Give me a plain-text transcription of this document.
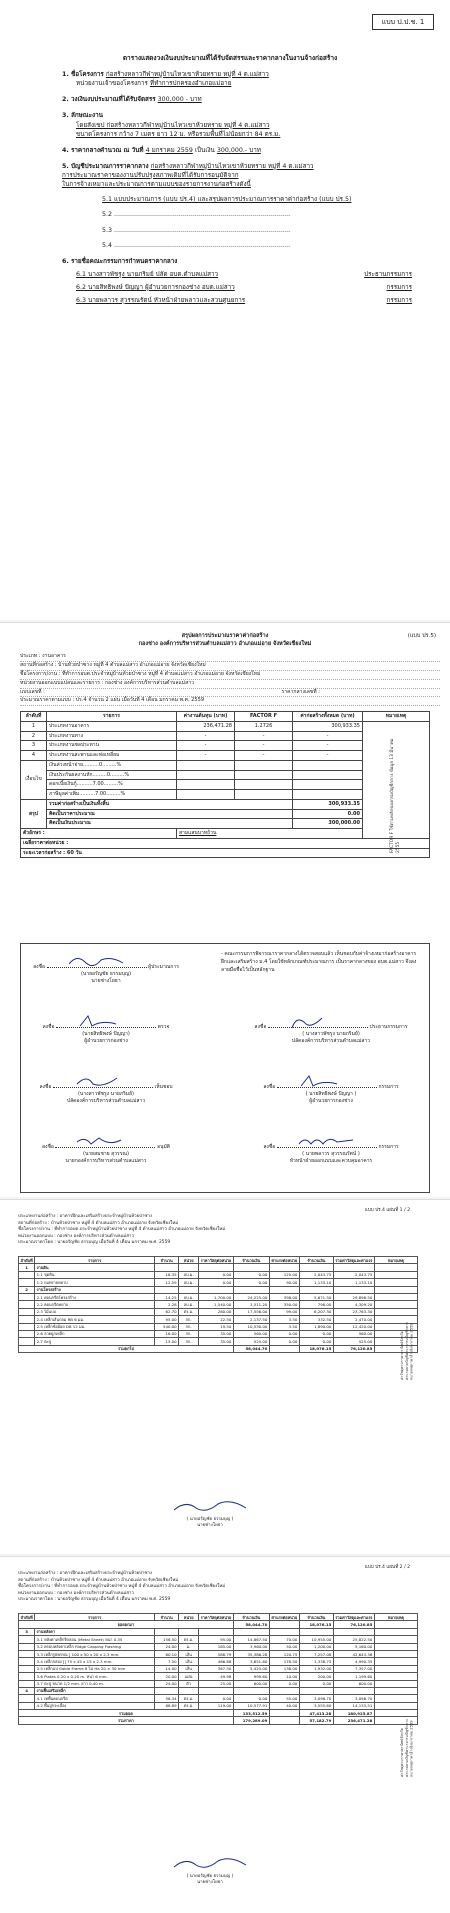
แบบ ป.ป.ช. 1
ตารางแสดงวงเงินงบประมาณที่ได้รับจัดสรรและราคากลางในงานจ้างก่อสร้าง
1. ชื่อโครงการ ก่อสร้างหลาวกีฬาหมู่บ้านไหวเขาห้วยทราย หมู่ที่ 4 ต.แม่สาว
หน่วยงานเจ้าของโครงการ ที่ทำการปกครองอำเภอแม่อาย
2. วงเงินงบประมาณที่ได้รับจัดสรร 300,000 - บาท
3. ลักษณะงาน
โดยสังเขป ก่อสร้างหลาวกีฬาหมู่บ้านไหวเขาห้วยทราย หมู่ที่ 4 ต.แม่สาว
ขนาดโครงการ กว้าง 7 เมตร ยาว 12 ม. หรือรวมพื้นที่ไม่น้อยกว่า 84 ตร.ม.
4. ราคากลางคำนวณ ณ วันที่ 4 มกราคม 2559 เป็นเงิน 300,000.- บาท
5. บัญชีประมาณการราคากลาง ก่อสร้างหลาวกีฬาหมู่บ้านไหวเขาห้วยทราย หมู่ที่ 4 ต.แม่สาว
การประมาณราคาของงานปรับปรุงสภาพเดิมที่ได้รับการอนุมัติจาก
ในการจ้างเหมาและประมาณการตามแบบของรายการงานก่อสร้างดังนี้
5.1 แบบประมาณการ (แบบ ปร.4) และสรุปผลการประมาณการราคาค่าก่อสร้าง (แบบ ปร.5)
5.2 ........................................................................................
5.3 ........................................................................................
5.4 ........................................................................................
6. รายชื่อคณะกรรมการกำหนดราคากลาง
6.1 นางสาวพัชรูง นายภริมย์ ปลัด อบต.ตำบลแม่สาว	ประธานกรรมการ
6.2 นายสิทธิพงษ์ ปัญญา ผู้อำนวยการกองช่าง อบต.แม่สาว	กรรมการ
6.3 นายพลาวร สุวรรณรัตน์ หัวหน้าฝ่ายพลาวและสวนศูนยการ	กรรมการ
สรุปผลการประมาณราคาค่าก่อสร้าง
กองช่าง องค์การบริหารส่วนตำบลแม่สาว อำเภอแม่อาย จังหวัดเชียงใหม่
(แบบ ปร.5)
ประเภท : งานอาคาร
สถานที่ก่อสร้าง : บ้านห้วยป่าซาง หมู่ที่ 4 ตำบลแม่สาว อำเภอแม่อาย จังหวัดเชียงใหม่
ชื่อโครงการ/งาน : ที่ทำการอบต.ประจำหมู่บ้านห้วยป่าซาง หมู่ที่ 4 ตำบลแม่สาว อำเภอแม่อาย จังหวัดเชียงใหม่
หน่วยงานออกแบบแปลนและรายการ : กองช่าง องค์การบริหารส่วนตำบลแม่สาว
แบบเลขที่ :	ราคากลางเลขที่ :
ประมาณราคาตามแบบ : ปร.4 จำนวน 2 แผ่น เมื่อวันที่ 4 เดือน มกราคม พ.ศ. 2559
ลำดับที่	รายการ	ค่างานต้นทุน (บาท)	FACTOR F	ค่าก่อสร้างทั้งหมด (บาท)	หมายเหตุ
1	ประเภทงานอาคาร	236,471.28	1.2726	300,933.35	
2	ประเภทงานทาง	-	-	-	
3	ประเภทงานชลประทาน	-	-	-	
4	ประเภทงานสะพานและท่อเหลี่ยม	-	-	-	
เงื่อนไข	เงินล่วงหน้าจ่าย..........0.........%				
	เงินประกันผลงานหัก.........0.........%				
	ดอกเบี้ยเงินกู้..........7.00.........%				
	ภาษีมูลค่าเพิ่ม..........7.00.........%				
สรุป	รวมค่าก่อสร้างเป็นเงินทั้งสิ้น			300,933.35	
	คิดเป็นราคาประมาณ			0.00	
	คิดเป็นเงินประมาณ			300,000.00	
ตัวอักษร :		สามแสนบาทถ้วน			
เฉลี่ยราคาต่อหน่วย :					
ระยะเวลาก่อสร้าง : 60 วัน						FACTOR F ใช้ตามหลักของกรมบัญชีกลาง ข้อมูล 13 มีนาคม 2555
- คณะกรรมการพิจารณาราคากลางได้ตรวจสอบแล้ว เห็นชอบกับค่าจ้างเหมาก่อสร้างอาคารฝึกและเสริมสร้าง ม.4 โดยใช้หลักเกณฑ์ประมาณการ เป็นราคากลางของ อบต.แม่สาว จึงลงลายมือชื่อไว้เป็นหลักฐาน
ลงชื่อ	ผู้ประมาณการ
(นายอรัญชัย ธรรมบุญ)
นายช่างโยธา
ลงชื่อ	ตรวจ
(นายสิทธิพงษ์ ปัญญา)
ผู้อำนวยการกองช่าง
ลงชื่อ	เห็นชอบ
(นางสาวพัชรูง นายภริมย์)
ปลัดองค์การบริหารส่วนตำบลแม่สาว
ลงชื่อ	อนุมัติ
(นายสมชาย สุวรรณ)
นายกองค์การบริหารส่วนตำบลแม่สาว
ลงชื่อ	ประธานกรรมการ
( นางสาวพัชรูง นายภริมย์)
ปลัดองค์การบริหารส่วนตำบลแม่สาว
ลงชื่อ	กรรมการ
( นายสิทธิพงษ์ ปัญญา )
ผู้อำนวยการกองช่าง
ลงชื่อ	กรรมการ
( นายพลาวร สุวรรณรัตน์ )
หัวหน้าฝ่ายออกแบบและควบคุมอาคาร
แบบ ปร.4 แผ่นที่ 1 / 2
ประเภทงานก่อสร้าง : อาคารฝึกและเสริมสร้างประจำหมู่บ้านห้วยป่าซาง
สถานที่ก่อสร้าง : บ้านห้วยป่าซาง หมู่ที่ 4 ตำบลแม่สาว อำเภอแม่อาย จังหวัดเชียงใหม่
ชื่อโครงการ/งาน : ที่ทำการอบต.ประจำหมู่บ้านห้วยป่าซาง หมู่ที่ 4 ตำบลแม่สาว อำเภอแม่อาย จังหวัดเชียงใหม่
หน่วยงานออกแบบ : กองช่าง องค์การบริหารส่วนตำบลแม่สาว
ประมาณราคาโดย : นายอรัญชัย ธรรมบุญ เมื่อวันที่ 4 เดือน มกราคม พ.ศ. 2559
ลำดับที่	รายการ	จำนวน	หน่วย	ราคาวัสดุต่อหน่วย	จำนวนเงิน	ค่าแรงต่อหน่วย	จำนวนเงิน	รวมค่าวัสดุและค่าแรง	หมายเหตุ
1	งานดิน								
	1.1 ขุดดิน	16.35	ลบ.ม.	0.00	0.00	125.00	2,043.75	2,043.75	
	1.2 ถมทรายหยาบ	12.59	ลบ.ม.	0.00	0.00	90.00	1,133.10	1,133.10	
2	งานโครงสร้าง								
	2.1 คอนกรีตโครงสร้าง	14.25	ลบ.ม.	1,700.00	24,225.00	398.00	5,671.50	29,896.50	
	2.2 คอนกรีตหยาบ	2.28	ลบ.ม.	1,540.00	3,511.20	350.00	798.00	4,309.20	
	2.3 ไม้แบบ	62.70	ตร.ม.	280.00	17,556.00	99.00	6,207.30	23,763.30	
	2.4 เหล็กเส้นกลม RB 6 มม.	95.00	กก.	22.50	2,137.50	3.50	332.50	2,470.00	
	2.5 เหล็กข้ออ้อย DB 12 มม.	540.00	กก.	19.50	10,530.00	3.50	1,890.00	12,420.00	
	2.6 ลวดผูกเหล็ก	16.00	กก.	35.00	560.00	0.00	0.00	560.00	
	2.7 ตะปู	15.00	กก.	35.00	525.00	0.00	0.00	525.00	
รวมยกไป					58,044.70		18,076.15	76,120.85		ค่าวัสดุตามราคาพาณิชย์จังหวัด ค่าแรงตามบัญชีค่าแรงกรมบัญชีกลาง หมายเหตุราคาอ้างอิงมกราคม 2559
( นายอรัญชัย ธรรมบุญ )
นายช่างโยธา
แบบ ปร.4 แผ่นที่ 2 / 2
ประเภทงานก่อสร้าง : อาคารฝึกและเสริมสร้างประจำหมู่บ้านห้วยป่าซาง
สถานที่ก่อสร้าง : บ้านห้วยป่าซาง หมู่ที่ 4 ตำบลแม่สาว อำเภอแม่อาย จังหวัดเชียงใหม่
ชื่อโครงการ/งาน : ที่ทำการอบต.ประจำหมู่บ้านห้วยป่าซาง หมู่ที่ 4 ตำบลแม่สาว อำเภอแม่อาย จังหวัดเชียงใหม่
หน่วยงานออกแบบ : กองช่าง องค์การบริหารส่วนตำบลแม่สาว
ประมาณราคาโดย : นายอรัญชัย ธรรมบุญ เมื่อวันที่ 4 เดือน มกราคม พ.ศ. 2559
ลำดับที่	รายการ	จำนวน	หน่วย	ราคาวัสดุต่อหน่วย	จำนวนเงิน	ค่าแรงต่อหน่วย	จำนวนเงิน	รวมค่าวัสดุและค่าแรง	หมายเหตุ
ยอดยกมา					58,044.70		18,076.15	76,120.85	
3	งานหลังคา								
	3.1 หลังคาเหล็กรีดลอน (Metal Sheet) หนา 0.35	156.50	ตร.ม.	95.00	14,867.50	70.00	10,955.00	25,822.50	
	3.2 ครอบหลังคาเหล็ก Ridge Capping Flashing	24.00	ม.	165.00	3,960.00	50.00	1,200.00	5,160.00	
	3.3 เหล็กรูปพรรณ [ 100 x 50 x 20 x 2.3 mm.	60.10	เส้น	588.79	35,386.28	120.75	7,257.08	42,643.36	
	3.4 เหล็กกล่อง [] 75 x 45 x 15 x 2.3 mm.	7.50	เส้น	486.88	3,651.60	178.50	1,338.75	4,990.35	
	3.5 เหล็กแป Gable Frame 8 ไม่ Ha 20 × 30 mm	14.00	เส้น	387.50	5,425.00	138.00	1,932.00	7,357.00	
	3.6 Plates 0.20 x 0.20 m. หนา 6 mm.	20.00	แผ่น	49.98	999.60	10.00	200.00	1,199.60	
	3.7 ตะปู ขนาด 1/2 mm. ยาว 0.40 m.	24.00	ตัว	25.00	600.00	0.00	0.00	600.00	
4	งานพื้นเสริมเหล็ก								
	4.1 เทพื้นคอนกรีต	56.34	ตร.ม.	0.00	0.00	55.00	3,098.70	3,098.70	
	4.2 พื้นปูกระเบื้อง	88.89	ตร.ม.	119.00	10,577.91	40.00	3,555.60	14,133.51	
รวมยอด					133,512.59		47,413.28	180,925.87	
รวมราคา					179,289.09		57,182.79	236,471.28	
ค่าวัสดุตามราคาพาณิชย์จังหวัด ค่าแรงตามบัญชีค่าแรงกรมบัญชีกลาง หมายเหตุราคาอ้างอิงมกราคม 2559
( นายอรัญชัย ธรรมบุญ )
นายช่างโยธา
